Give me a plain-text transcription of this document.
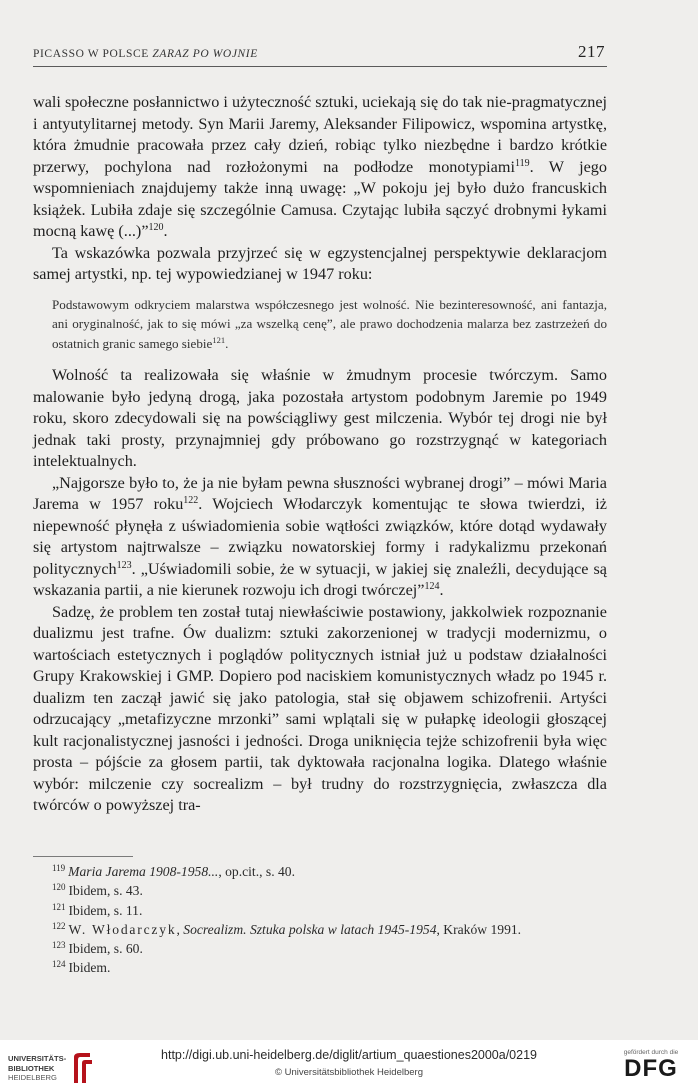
PICASSO W POLSCE ZARAZ PO WOJNIE	217

wali społeczne posłannictwo i użyteczność sztuki, uciekają się do tak nie-pragmatycznej i antyutylitarnej metody. Syn Marii Jaremy, Aleksander Filipowicz, wspomina artystkę, która żmudnie pracowała przez cały dzień, robiąc tylko niezbędne i bardzo krótkie przerwy, pochylona nad rozłożonymi na podłodze monotypiami$^{119}$. W jego wspomnieniach znajdujemy także inną uwagę: „W pokoju jej było dużo francuskich książek. Lubiła zdaje się szczególnie Camusa. Czytając lubiła sączyć drobnymi łykami mocną kawę (...)”$^{120}$.

Ta wskazówka pozwala przyjrzeć się w egzystencjalnej perspektywie deklaracjom samej artystki, np. tej wypowiedzianej w 1947 roku:

Podstawowym odkryciem malarstwa współczesnego jest wolność. Nie bezinteresowność, ani fantazja, ani oryginalność, jak to się mówi „za wszelką cenę”, ale prawo dochodzenia malarza bez zastrzeżeń do ostatnich granic samego siebie$^{121}$.

Wolność ta realizowała się właśnie w żmudnym procesie twórczym. Samo malowanie było jedyną drogą, jaka pozostała artystom podobnym Jaremie po 1949 roku, skoro zdecydowali się na powściągliwy gest milczenia. Wybór tej drogi nie był jednak taki prosty, przynajmniej gdy próbowano go rozstrzygnąć w kategoriach intelektualnych.

„Najgorsze było to, że ja nie byłam pewna słuszności wybranej drogi” – mówi Maria Jarema w 1957 roku$^{122}$. Wojciech Włodarczyk komentując te słowa twierdzi, iż niepewność płynęła z uświadomienia sobie wątłości związków, które dotąd wydawały się artystom najtrwalsze – związku nowatorskiej formy i radykalizmu przekonań politycznych$^{123}$. „Uświadomili sobie, że w sytuacji, w jakiej się znaleźli, decydujące są wskazania partii, a nie kierunek rozwoju ich drogi twórczej”$^{124}$.

Sadzę, że problem ten został tutaj niewłaściwie postawiony, jakkolwiek rozpoznanie dualizmu jest trafne. Ów dualizm: sztuki zakorzenionej w tradycji modernizmu, o wartościach estetycznych i poglądów politycznych istniał już u podstaw działalności Grupy Krakowskiej i GMP. Dopiero pod naciskiem komunistycznych władz po 1945 r. dualizm ten zaczął jawić się jako patologia, stał się objawem schizofrenii. Artyści odrzucający „metafizyczne mrzonki” sami wplątali się w pułapkę ideologii głoszącej kult racjonalistycznej jasności i jedności. Droga uniknięcia tejże schizofrenii była więc prosta – pójście za głosem partii, tak dyktowała racjonalna logika. Dlatego właśnie wybór: milczenie czy socrealizm – był trudny do rozstrzygnięcia, zwłaszcza dla twórców o powyższej tra-

$^{119}$ Maria Jarema 1908-1958..., op.cit., s. 40.
$^{120}$ Ibidem, s. 43.
$^{121}$ Ibidem, s. 11.
$^{122}$ W. Włodarczyk, Socrealizm. Sztuka polska w latach 1945-1954, Kraków 1991.
$^{123}$ Ibidem, s. 60.
$^{124}$ Ibidem.
UNIVERSITÄTS-
BIBLIOTHEK
HEIDELBERG
http://digi.ub.uni-heidelberg.de/diglit/artium_quaestiones2000a/0219
© Universitätsbibliothek Heidelberg
gefördert durch die
DFG
